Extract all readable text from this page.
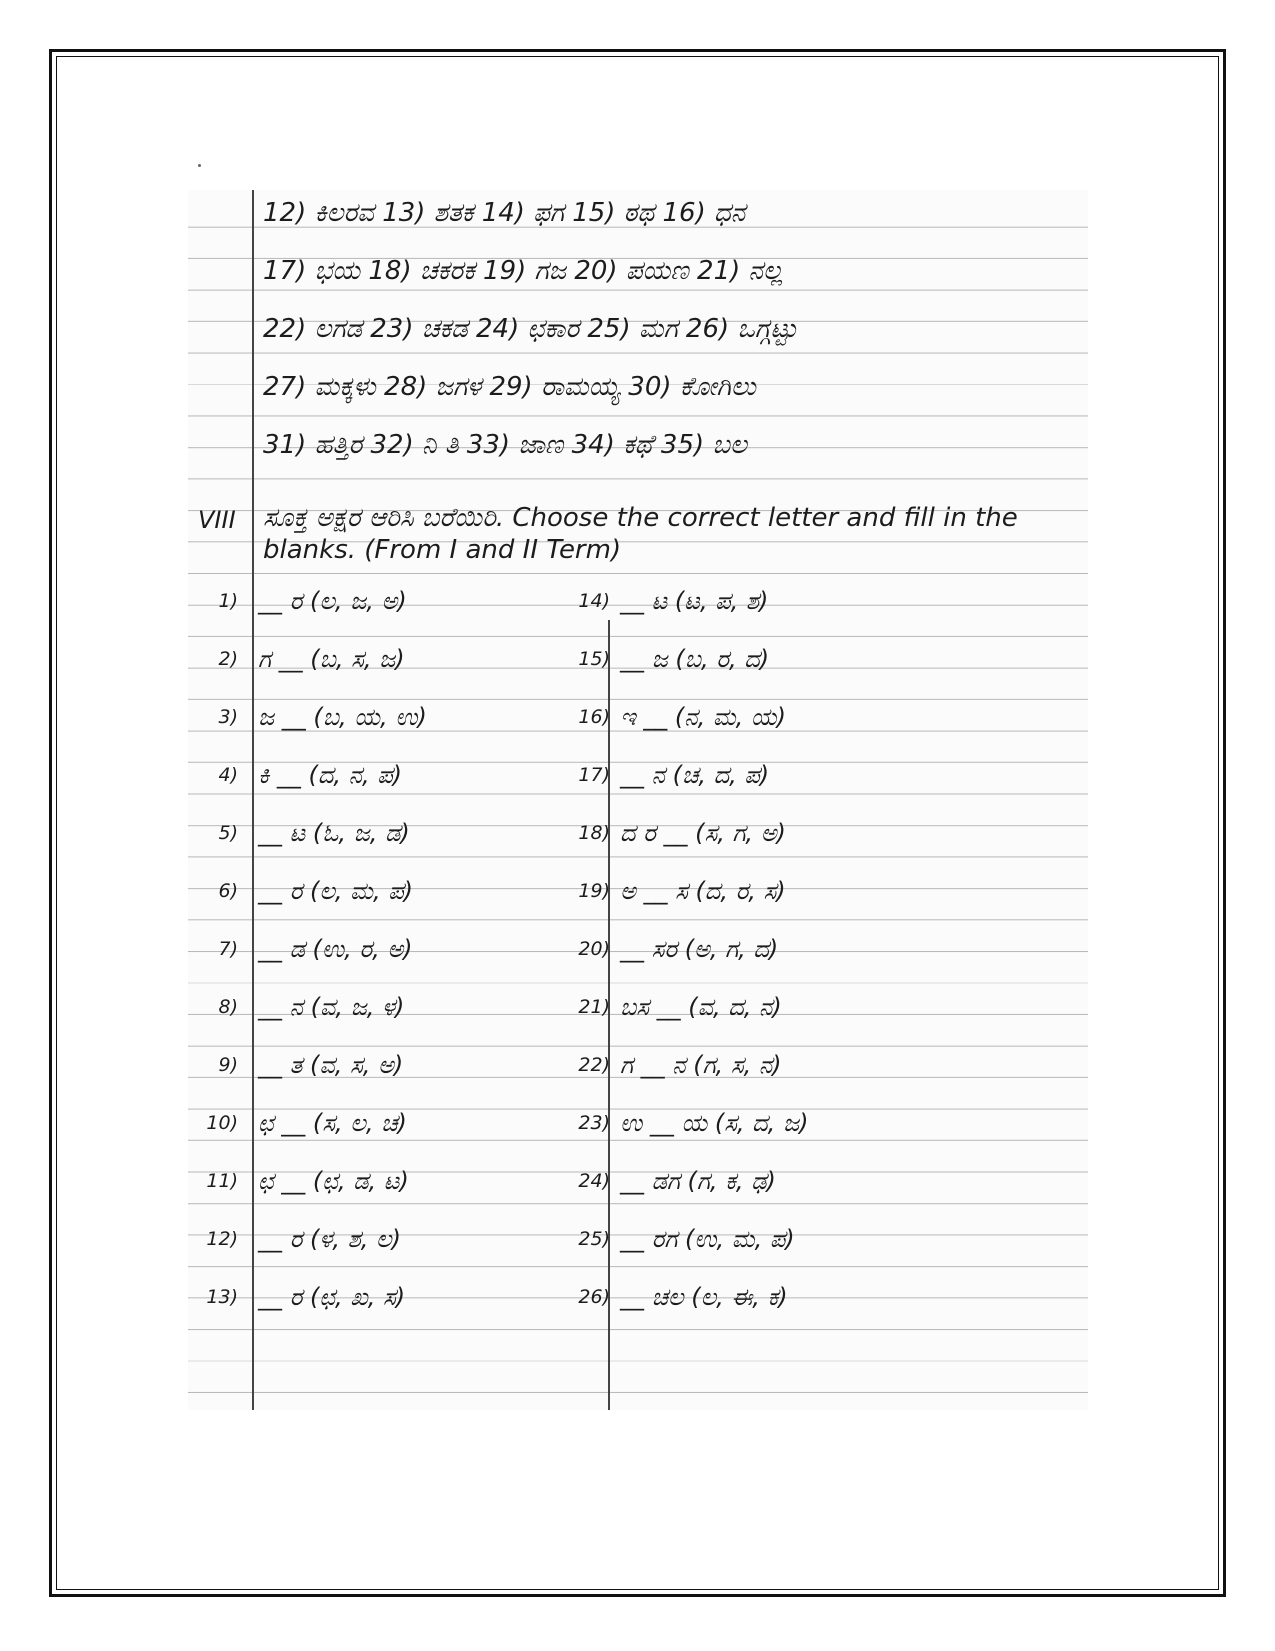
12) ಕಿಲರವ 13) ಶತಕ 14) ಫಗ 15) ಠಥ 16) ಧನ
17) ಭಯ 18) ಚಕರಕ 19) ಗಜ 20) ಪಯಣ 21) ನಲ್ಲ
22) ಲಗಡ 23) ಚಕಡ 24) ಛಕಾರ 25) ಮಗ 26) ಒಗ್ಗಟ್ಟು
27) ಮಕ್ಕಳು 28) ಜಗಳ 29) ರಾಮಯ್ಯ 30) ಕೋಗಿಲು
31) ಹತ್ತಿರ 32) ನಿ ತಿ 33) ಜಾಣ 34) ಕಥೆ 35) ಬಲ
VIII ಸೂಕ್ತ ಅಕ್ಷರ ಆರಿಸಿ ಬರೆಯಿರಿ. Choose the correct letter and fill in the blanks. (From I and II Term)
1) __ ರ (ಲ, ಜ, ಅ)
2) ಗ __ (ಬ, ಸ, ಜ)
3) ಜ __ (ಬ, ಯ, ಉ)
4) ಕಿ __ (ದ, ನ, ಪ)
5) __ ಟ (ಓ, ಜ, ಡ)
6) __ ರ (ಲ, ಮ, ಪ)
7) __ ಡ (ಉ, ರ, ಅ)
8) __ ನ (ವ, ಜ, ಳ)
9) __ ತ (ವ, ಸ, ಅ)
10) ಛ __ (ಸ, ಲ, ಚ)
11) ಛ __ (ಛ, ಡ, ಟ)
12) __ ರ (ಳ, ಶ, ಲ)
13) __ ರ (ಛ, ಖ, ಸ)
14) __ ಟ (ಟ, ಪ, ಶ)
15) __ ಜ (ಬ, ರ, ದ)
16) ಇ __ (ನ, ಮ, ಯ)
17) __ ನ (ಚ, ದ, ಪ)
18) ದ ರ __ (ಸ, ಗ, ಅ)
19) ಅ __ ಸ (ದ, ರ, ಸ)
20) __ ಸರ (ಅ, ಗ, ದ)
21) ಬಸ __ (ವ, ದ, ನ)
22) ಗ __ ನ (ಗ, ಸ, ನ)
23) ಉ __ ಯ (ಸ, ದ, ಜ)
24) __ ಡಗ (ಗ, ಕ, ಢ)
25) __ ರಗ (ಉ, ಮ, ಪ)
26) __ ಚಲ (ಲ, ಈ, ಕ)
